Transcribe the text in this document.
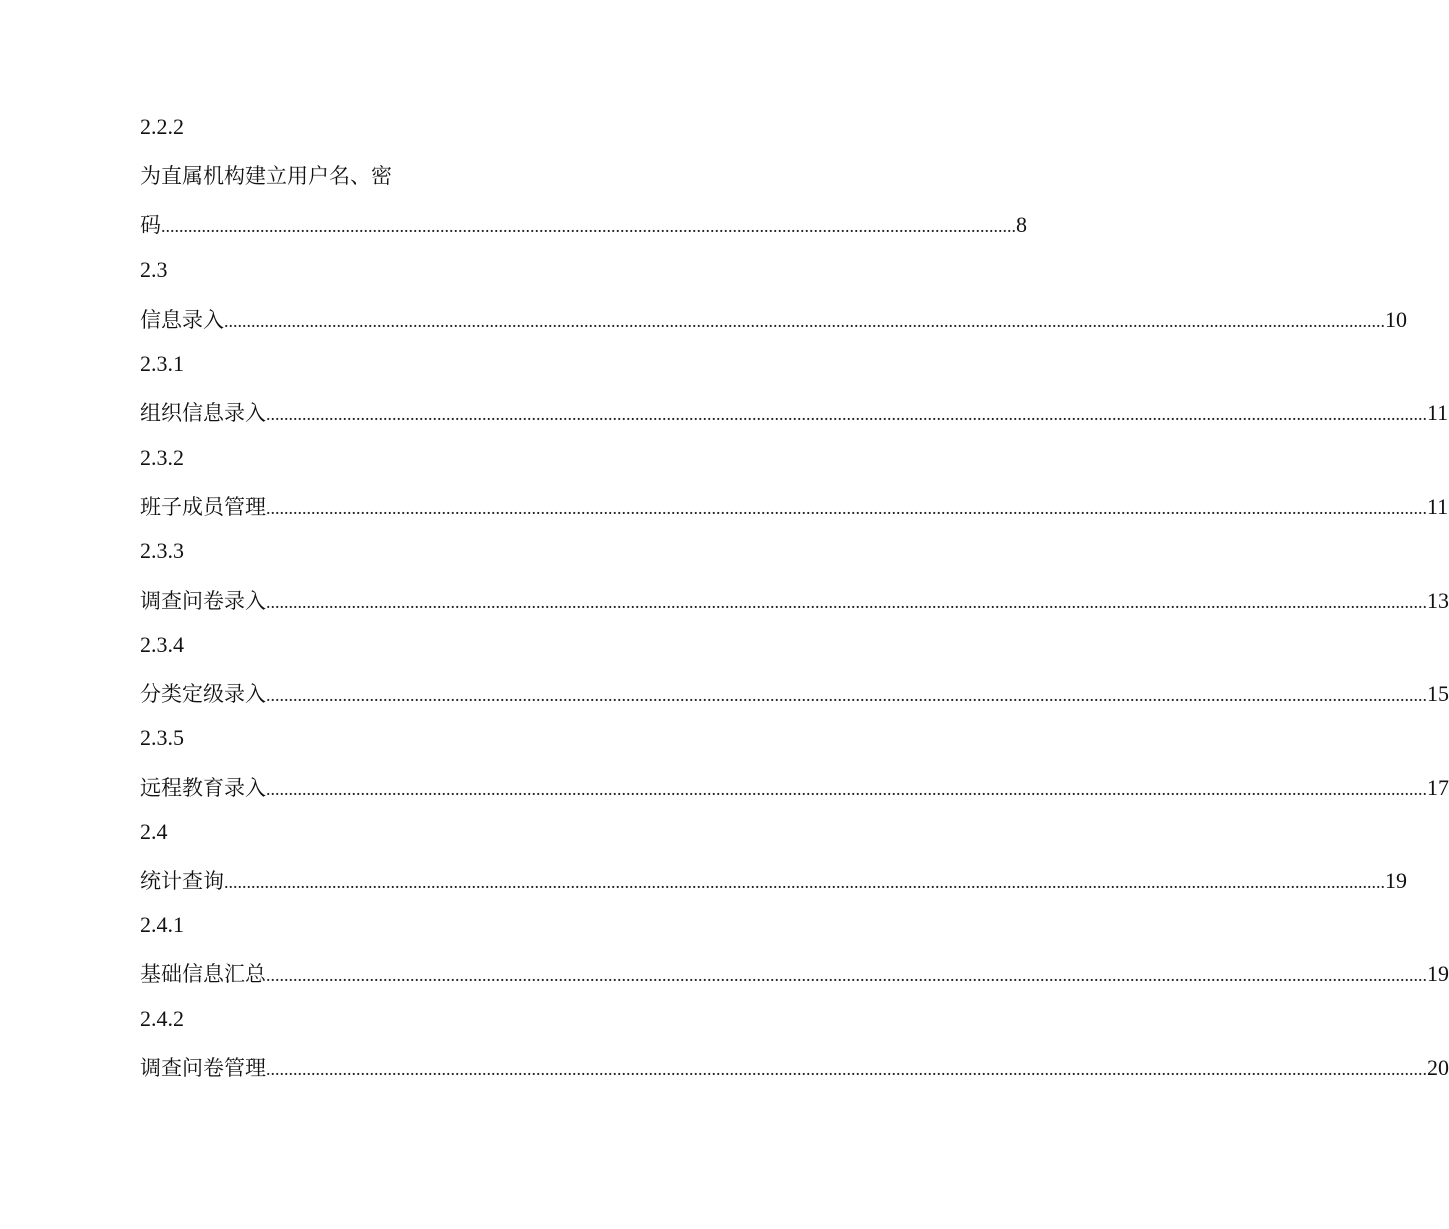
2.2.2
为直属机构建立用户名、密
码 .............................................................................................................................................................................................. 8
2.3
信息录入 .................................................................................................................................................................................................................................................................. 10
2.3.1
组织信息录入 .................................................................................................................................................................................................................................................................. 11
2.3.2
班子成员管理 .................................................................................................................................................................................................................................................................. 11
2.3.3
调查问卷录入 .................................................................................................................................................................................................................................................................. 13
2.3.4
分类定级录入 .................................................................................................................................................................................................................................................................. 15
2.3.5
远程教育录入 .................................................................................................................................................................................................................................................................. 17
2.4
统计查询 .................................................................................................................................................................................................................................................................. 19
2.4.1
基础信息汇总 .................................................................................................................................................................................................................................................................. 19
2.4.2
调查问卷管理 .................................................................................................................................................................................................................................................................. 20
